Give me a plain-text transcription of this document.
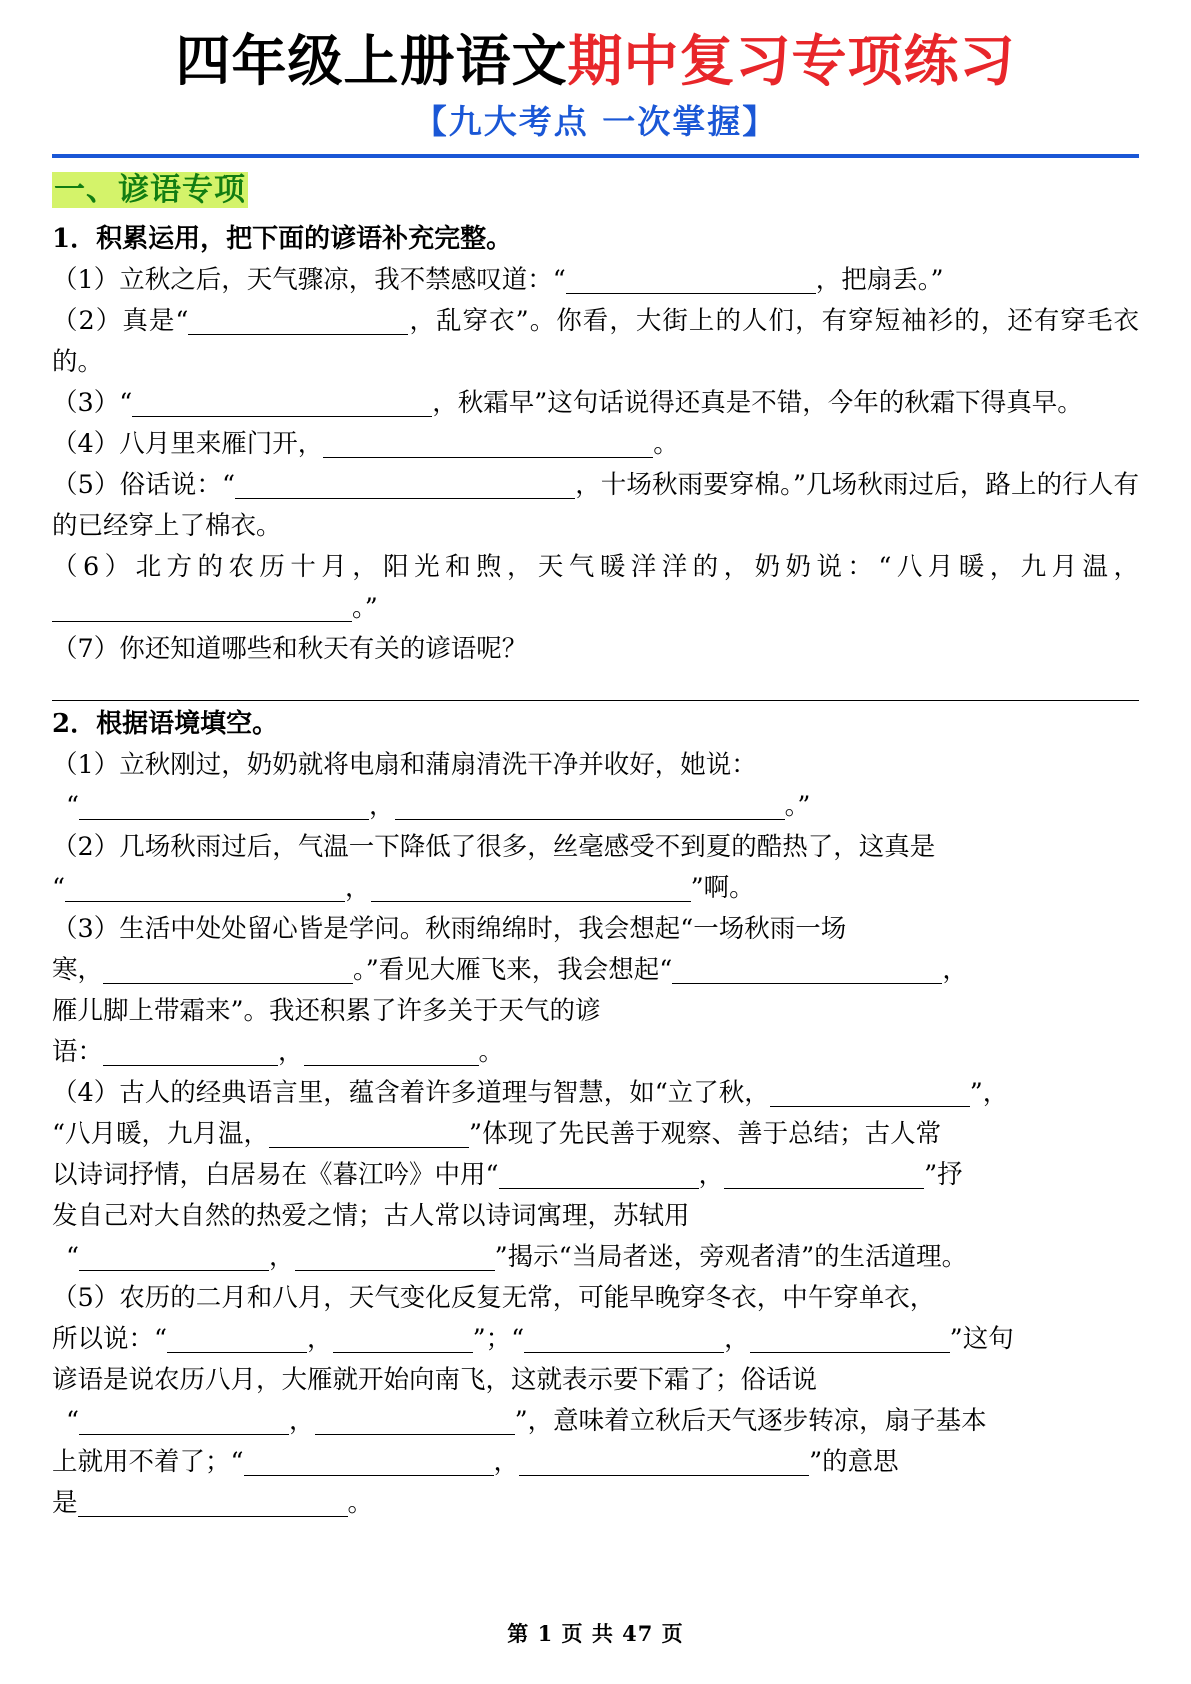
四年级上册语文期中复习专项练习
【九大考点 一次掌握】
一、谚语专项
1．积累运用，把下面的谚语补充完整。

（1）立秋之后，天气骤凉，我不禁感叹道：“	，把扇丢。”

（2）真是“	，乱穿衣”。你看，大街上的人们，有穿短袖衫的，还有穿毛衣的。

（3）“	，秋霜早”这句话说得还真是不错，今年的秋霜下得真早。

（4）八月里来雁门开，	。

（5）俗话说：“	，十场秋雨要穿棉。”几场秋雨过后，路上的行人有的已经穿上了棉衣。

（6）北方的农历十月，阳光和煦，天气暖洋洋的，奶奶说：“八月暖，九月温，。”

（7）你还知道哪些和秋天有关的谚语呢？

2．根据语境填空。

（1）立秋刚过，奶奶就将电扇和蒲扇清洗干净并收好，她说：

“	，	。”

（2）几场秋雨过后，气温一下降低了很多，丝毫感受不到夏的酷热了，这真是

“	，	”啊。

（3）生活中处处留心皆是学问。秋雨绵绵时，我会想起“一场秋雨一场

寒，	。”看见大雁飞来，我会想起“	，

雁儿脚上带霜来”。我还积累了许多关于天气的谚

语：	，	。

（4）古人的经典语言里，蕴含着许多道理与智慧，如“立了秋，	”，

“八月暖，九月温，	”体现了先民善于观察、善于总结；古人常

以诗词抒情，白居易在《暮江吟》中用“	，	”抒

发自己对大自然的热爱之情；古人常以诗词寓理，苏轼用

“	，	”揭示“当局者迷，旁观者清”的生活道理。

（5）农历的二月和八月，天气变化反复无常，可能早晚穿冬衣，中午穿单衣，

所以说：“	，	”；“	，	”这句

谚语是说农历八月，大雁就开始向南飞，这就表示要下霜了；俗话说

“	，	”，意味着立秋后天气逐步转凉，扇子基本

上就用不着了；“	，	”的意思

是	。

第 1 页 共 47 页
